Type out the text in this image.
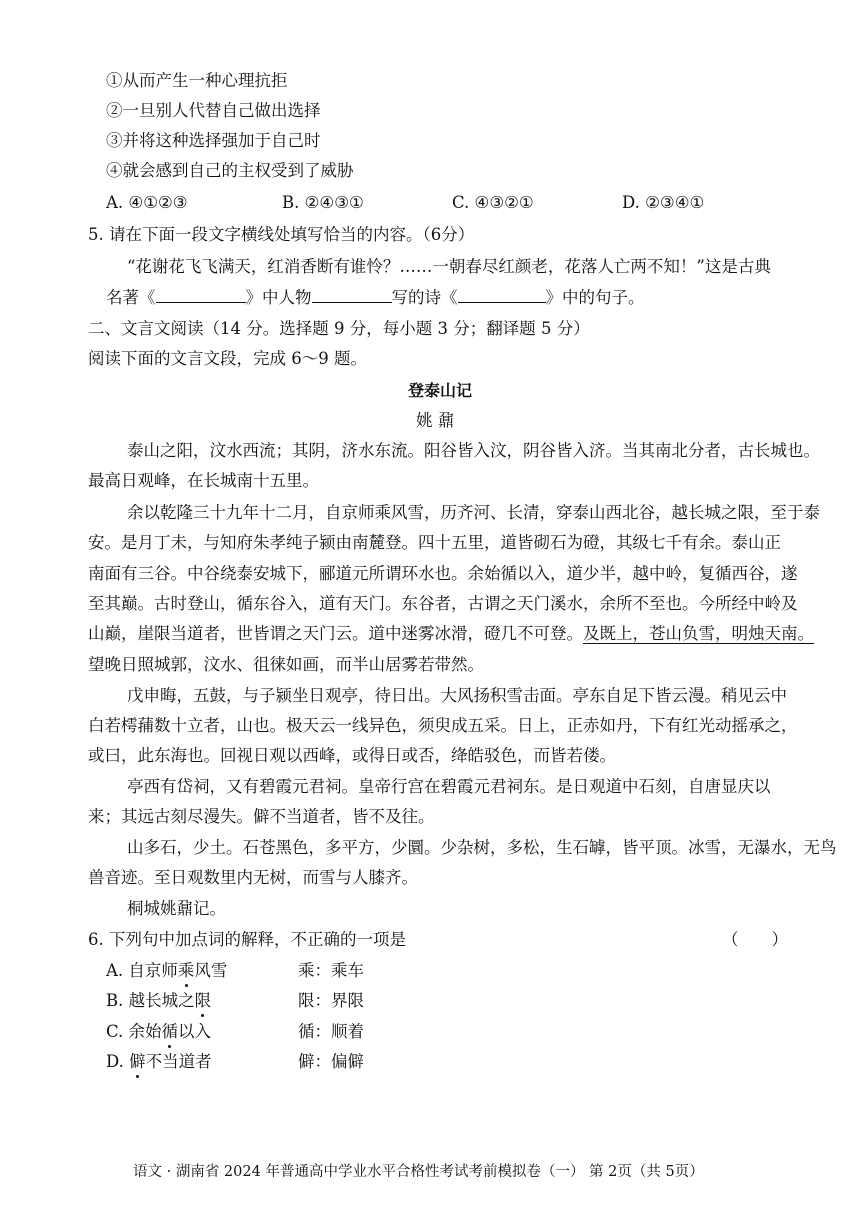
①从而产生一种心理抗拒
②一旦别人代替自己做出选择
③并将这种选择强加于自己时
④就会感到自己的主权受到了威胁
A. ④①②③	B. ②④③①	C. ④③②①	D. ②③④①
5. 请在下面一段文字横线处填写恰当的内容。（6分）
“花谢花飞飞满天，红消香断有谁怜？……一朝春尽红颜老，花落人亡两不知！”这是古典
名著《	》中人物	写的诗《	》中的句子。
二、文言文阅读（14 分。选择题 9 分，每小题 3 分；翻译题 5 分）
阅读下面的文言文段，完成 6～9 题。
登泰山记
姚 鼐
泰山之阳，汶水西流；其阴，济水东流。阳谷皆入汶，阴谷皆入济。当其南北分者，古长城也。
最高日观峰，在长城南十五里。
余以乾隆三十九年十二月，自京师乘风雪，历齐河、长清，穿泰山西北谷，越长城之限，至于泰
安。是月丁未，与知府朱孝纯子颍由南麓登。四十五里，道皆砌石为磴，其级七千有余。泰山正
南面有三谷。中谷绕泰安城下，郦道元所谓环水也。余始循以入，道少半，越中岭，复循西谷，遂
至其巅。古时登山，循东谷入，道有天门。东谷者，古谓之天门溪水，余所不至也。今所经中岭及
山巅，崖限当道者，世皆谓之天门云。道中迷雾冰滑，磴几不可登。及既上，苍山负雪，明烛天南。
望晚日照城郭，汶水、徂徕如画，而半山居雾若带然。
戊申晦，五鼓，与子颍坐日观亭，待日出。大风扬积雪击面。亭东自足下皆云漫。稍见云中
白若樗蒱数十立者，山也。极天云一线异色，须臾成五采。日上，正赤如丹，下有红光动摇承之，
或曰，此东海也。回视日观以西峰，或得日或否，绛皓驳色，而皆若偻。
亭西有岱祠，又有碧霞元君祠。皇帝行宫在碧霞元君祠东。是日观道中石刻，自唐显庆以
来；其远古刻尽漫失。僻不当道者，皆不及往。
山多石，少土。石苍黑色，多平方，少圜。少杂树，多松，生石罅，皆平顶。冰雪，无瀑水，无鸟
兽音迹。至日观数里内无树，而雪与人膝齐。
桐城姚鼐记。
6. 下列句中加点词的解释，不正确的一项是	（　　）
A. 自京师乘风雪	乘：乘车
B. 越长城之限	限：界限
C. 余始循以入	循：顺着
D. 僻不当道者	僻：偏僻
语文 · 湖南省 2024 年普通高中学业水平合格性考试考前模拟卷（一） 第 2页（共 5页）
